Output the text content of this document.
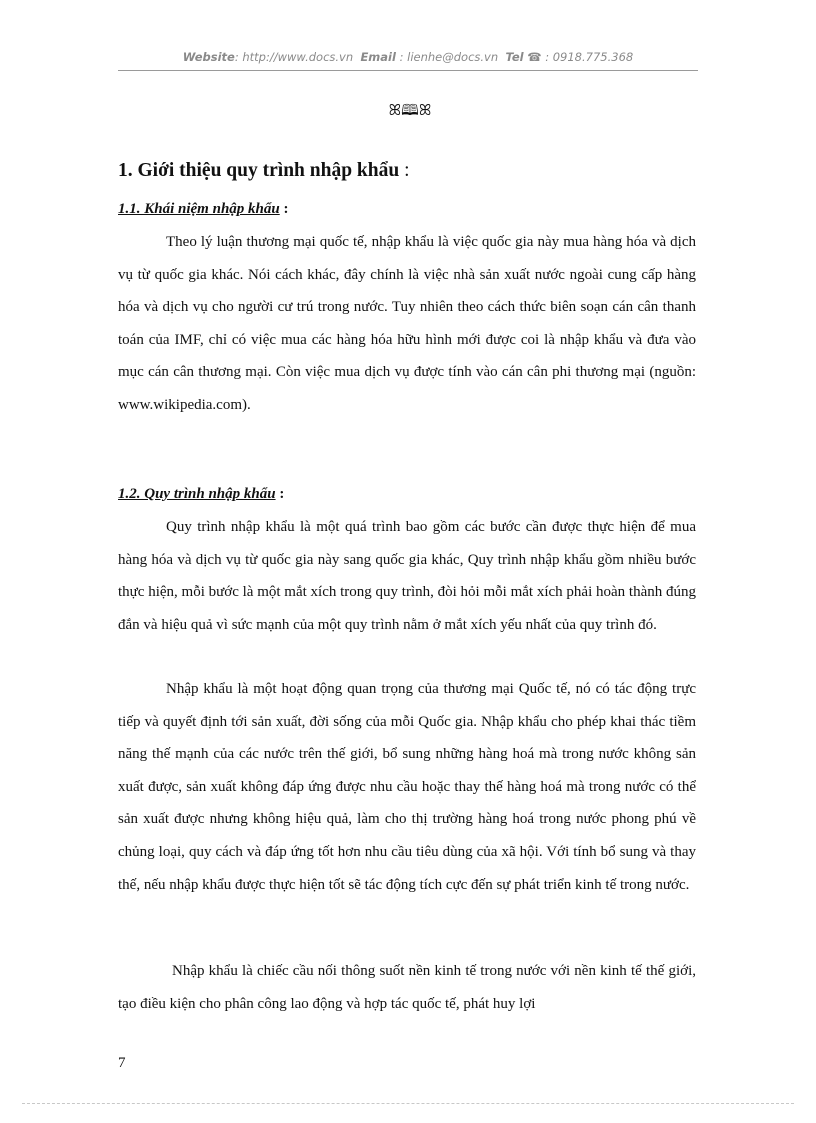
Website: http://www.docs.vn Email : lienhe@docs.vn Tel ☎ : 0918.775.368
ꕤ🕮ꕤ
1. Giới thiệu quy trình nhập khẩu :
1.1. Khái niệm nhập khẩu :

Theo lý luận thương mại quốc tế, nhập khẩu là việc quốc gia này mua hàng hóa và dịch vụ từ quốc gia khác. Nói cách khác, đây chính là việc nhà sản xuất nước ngoài cung cấp hàng hóa và dịch vụ cho người cư trú trong nước. Tuy nhiên theo cách thức biên soạn cán cân thanh toán của IMF, chỉ có việc mua các hàng hóa hữu hình mới được coi là nhập khẩu và đưa vào mục cán cân thương mại. Còn việc mua dịch vụ được tính vào cán cân phi thương mại (nguồn: www.wikipedia.com).

1.2. Quy trình nhập khẩu :

Quy trình nhập khẩu là một quá trình bao gồm các bước cần được thực hiện để mua hàng hóa và dịch vụ từ quốc gia này sang quốc gia khác, Quy trình nhập khẩu gồm nhiều bước thực hiện, mỗi bước là một mắt xích trong quy trình, đòi hỏi mỗi mắt xích phải hoàn thành đúng đắn và hiệu quả vì sức mạnh của một quy trình nằm ở mắt xích yếu nhất của quy trình đó.

Nhập khẩu là một hoạt động quan trọng của thương mại Quốc tế, nó có tác động trực tiếp và quyết định tới sản xuất, đời sống của mỗi Quốc gia. Nhập khẩu cho phép khai thác tiềm năng thế mạnh của các nước trên thế giới, bổ sung những hàng hoá mà trong nước không sản xuất được, sản xuất không đáp ứng được nhu cầu hoặc thay thế hàng hoá mà trong nước có thể sản xuất được nhưng không hiệu quả, làm cho thị trường hàng hoá trong nước phong phú về chủng loại, quy cách và đáp ứng tốt hơn nhu cầu tiêu dùng của xã hội. Với tính bổ sung và thay thế, nếu nhập khẩu được thực hiện tốt sẽ tác động tích cực đến sự phát triển kinh tế trong nước.

Nhập khẩu là chiếc cầu nối thông suốt nền kinh tế trong nước với nền kinh tế thế giới, tạo điều kiện cho phân công lao động và hợp tác quốc tế, phát huy lợi

7
